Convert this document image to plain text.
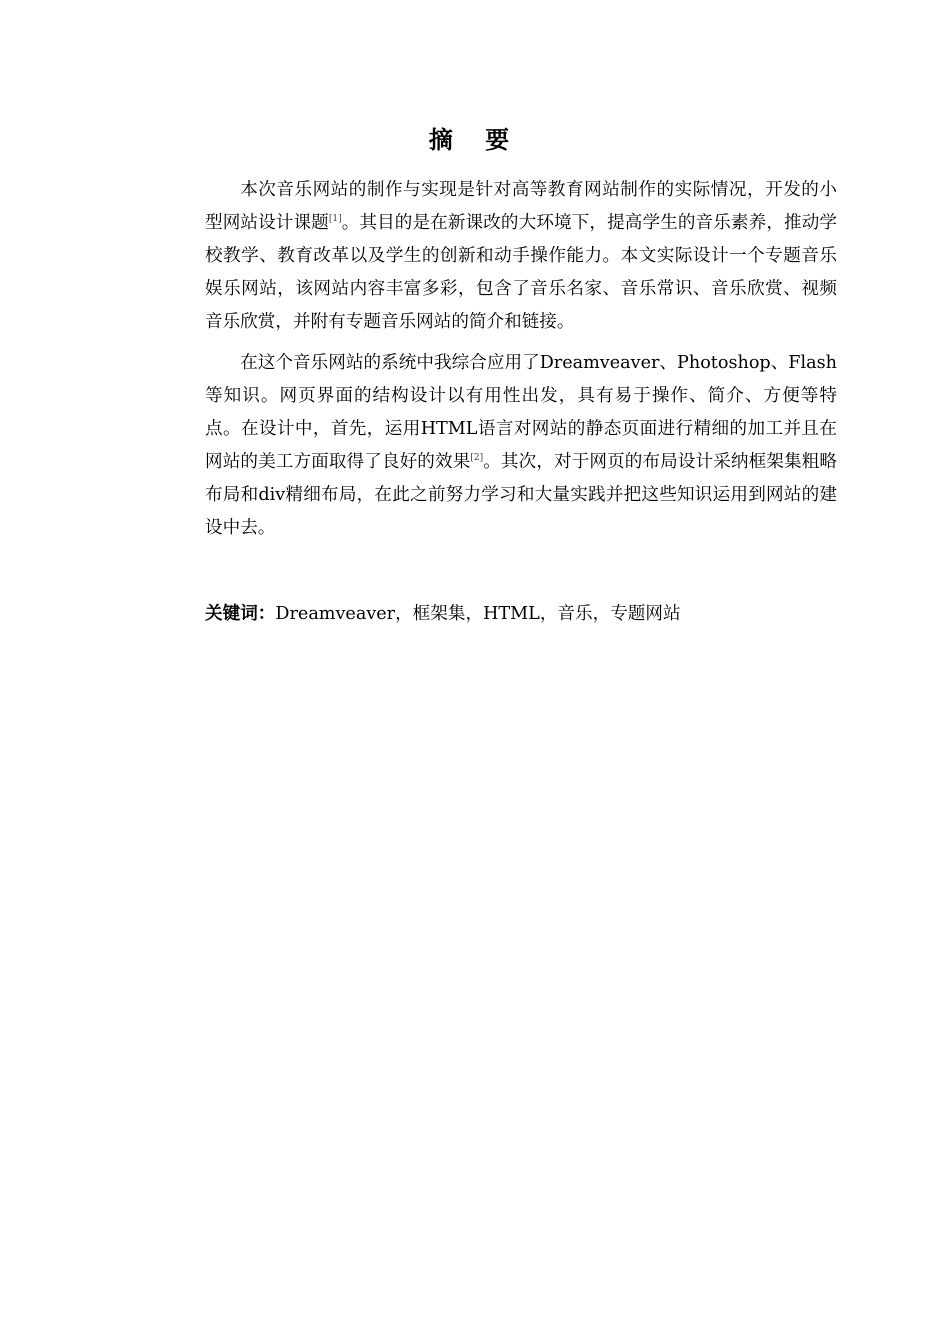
摘 要

本次音乐网站的制作与实现是针对高等教育网站制作的实际情况，开发的小型网站设计课题[1]。其目的是在新课改的大环境下，提高学生的音乐素养，推动学校教学、教育改革以及学生的创新和动手操作能力。本文实际设计一个专题音乐娱乐网站，该网站内容丰富多彩，包含了音乐名家、音乐常识、音乐欣赏、视频音乐欣赏，并附有专题音乐网站的简介和链接。

在这个音乐网站的系统中我综合应用了Dreamveaver、Photoshop、Flash等知识。网页界面的结构设计以有用性出发，具有易于操作、简介、方便等特点。在设计中，首先，运用HTML语言对网站的静态页面进行精细的加工并且在网站的美工方面取得了良好的效果[2]。其次，对于网页的布局设计采纳框架集粗略布局和div精细布局，在此之前努力学习和大量实践并把这些知识运用到网站的建设中去。

关键词：Dreamveaver，框架集，HTML，音乐，专题网站
